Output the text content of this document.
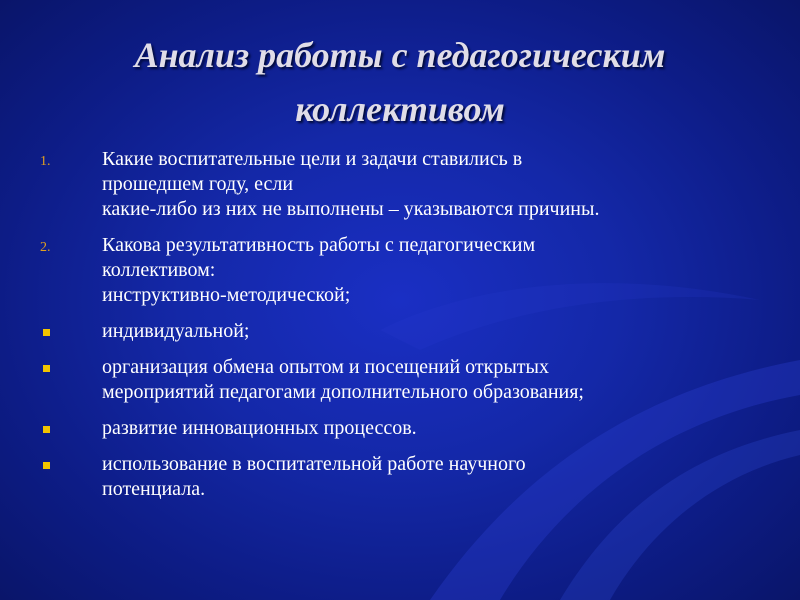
Анализ работы с педагогическим коллективом
1.	Какие воспитательные цели и задачи ставились в
прошедшем году, если
какие-либо из них не выполнены – указываются причины.
2.	Какова результативность работы с педагогическим
коллективом:
инструктивно-методической;
индивидуальной;
организация обмена опытом и посещений открытых
мероприятий педагогами дополнительного образования;
развитие инновационных процессов.
использование в воспитательной работе научного
потенциала.
